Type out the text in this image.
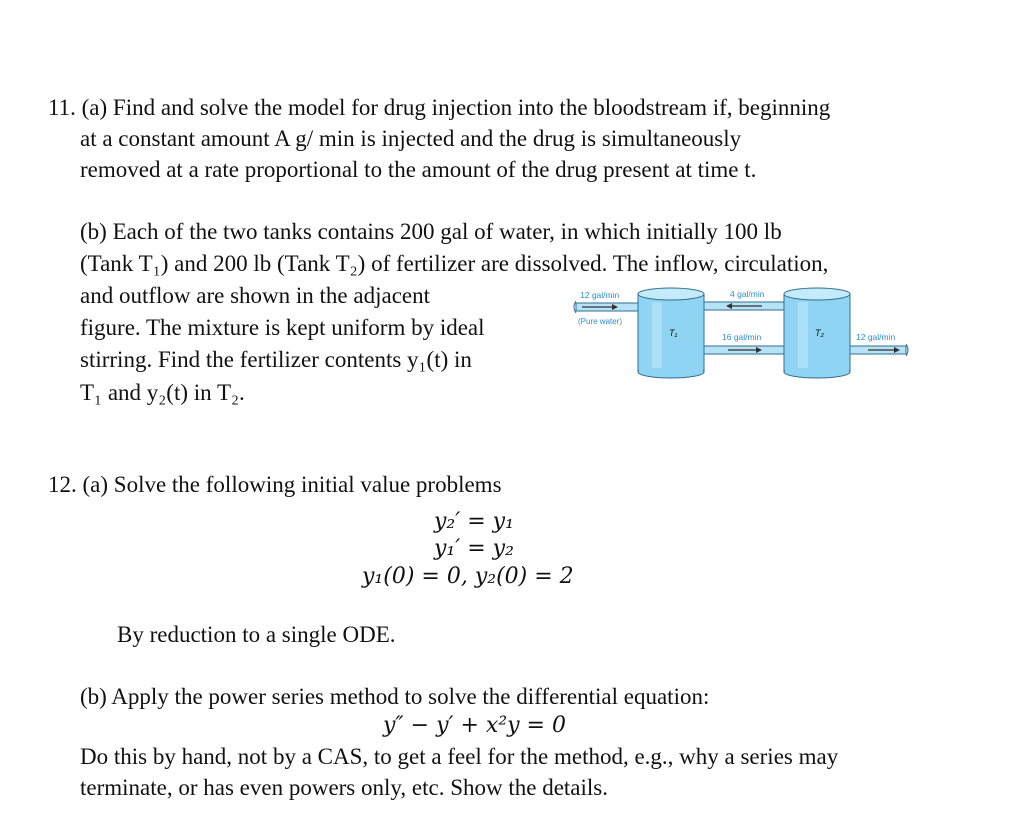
11. (a) Find and solve the model for drug injection into the bloodstream if, beginning
at a constant amount A g/ min is injected and the drug is simultaneously
removed at a rate proportional to the amount of the drug present at time t.
(b) Each of the two tanks contains 200 gal of water, in which initially 100 lb
(Tank T₁) and 200 lb (Tank T₂) of fertilizer are dissolved. The inflow, circulation,
and outflow are shown in the adjacent
figure. The mixture is kept uniform by ideal
stirring. Find the fertilizer contents y₁(t) in
T₁ and y₂(t) in T₂.
12 gal/min
(Pure water)
4 gal/min
16 gal/min	12 gal/min
T₁	T₂
12. (a) Solve the following initial value problems
y₂′ = y₁
y₁′ = y₂
y₁(0) = 0, y₂(0) = 2
By reduction to a single ODE.
(b) Apply the power series method to solve the differential equation:
y″ − y′ + x²y = 0
Do this by hand, not by a CAS, to get a feel for the method, e.g., why a series may
terminate, or has even powers only, etc. Show the details.
